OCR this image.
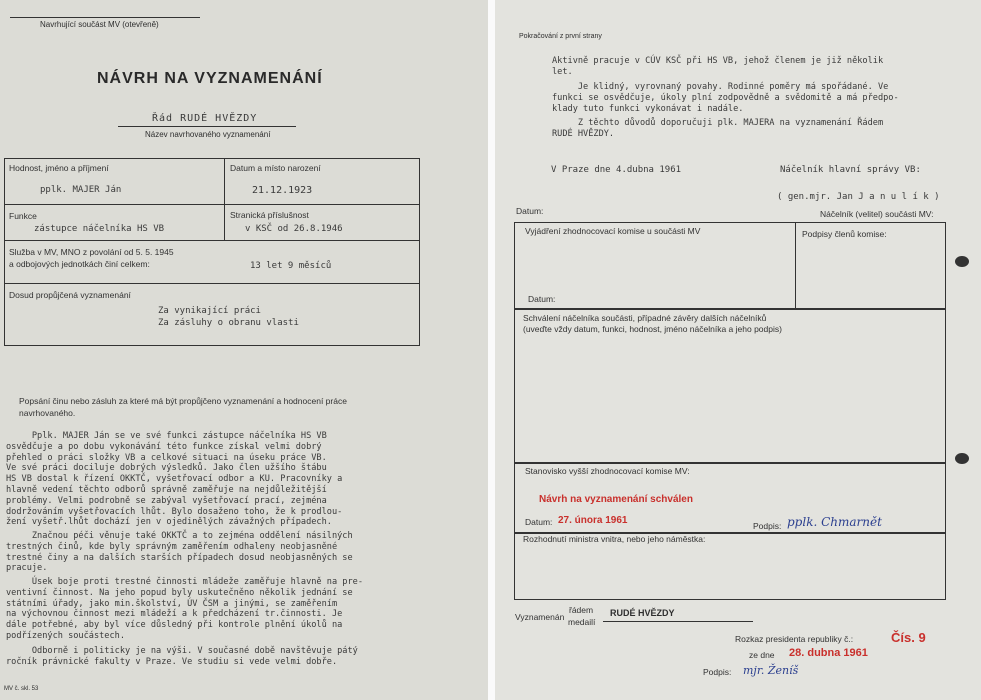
Navrhující součást MV (otevřeně)
NÁVRH NA VYZNAMENÁNÍ
Řád RUDÉ HVĚZDY
Název navrhovaného vyznamenání
Hodnost, jméno a příjmení
pplk. MAJER Ján
Datum a místo narození
21.12.1923
Funkce
zástupce náčelníka HS VB
Stranická příslušnost
v KSČ od 26.8.1946
Služba v MV, MNO z povolání od 5. 5. 1945
a odbojových jednotkách činí celkem:	13 let 9 měsíců
Dosud propůjčená vyznamenání
Za vynikající práci
Za zásluhy o obranu vlasti
Popsání činu nebo zásluh za které má být propůjčeno vyznamenání a hodnocení práce
navrhovaného.
Pplk. MAJER Ján se ve své funkci zástupce náčelníka HS VB
osvědčuje a po dobu vykonávání této funkce získal velmi dobrý
přehled o práci složky VB a celkové situaci na úseku práce VB.
Ve své práci dociluje dobrých výsledků. Jako člen užšího štábu
HS VB dostal k řízení OKKTČ, vyšetřovací odbor a KU. Pracovníky a
hlavně vedení těchto odborů správně zaměřuje na nejdůležitější
problémy. Velmi podrobně se zabýval vyšetřovací prací, zejména
dodržováním vyšetřovacích lhůt. Bylo dosaženo toho, že k prodlou-
žení vyšetř.lhůt dochází jen v ojedinělých závažných případech.
Značnou péči věnuje také OKKTČ a to zejména oddělení násilných
trestných činů, kde byly správným zaměřením odhaleny neobjasněné
trestné činy a na dalších starších případech dosud neobjasněných se
pracuje.
Úsek boje proti trestné činnosti mládeže zaměřuje hlavně na pre-
ventivní činnost. Na jeho popud byly uskutečněno několik jednání se
státními úřady, jako min.školství, ÚV ČSM a jinými, se zaměřením
na výchovnou činnost mezi mládeží a k předcházení tr.činnosti. Je
dále potřebné, aby byl více důsledný při kontrole plnění úkolů na
podřízených součástech.
Odborně i politicky je na výši. V současné době navštěvuje pátý
ročník právnické fakulty v Praze. Ve studiu si vede velmi dobře.
MV č. skl. 53
Pokračování z první strany
Aktivně pracuje v CÚV KSČ při HS VB, jehož členem je již několik
let.
Je klidný, vyrovnaný povahy. Rodinné poměry má spořádané. Ve
funkci se osvědčuje, úkoly plní zodpovědně a svědomitě a má předpo-
klady tuto funkci vykonávat i nadále.
Z těchto důvodů doporučuji plk. MAJERA na vyznamenání Řádem
RUDÉ HVĚZDY.
V Praze dne 4.dubna 1961	Náčelník hlavní správy VB:
( gen.mjr. Jan J a n u l í k )
Datum:	Náčelník (velitel) součásti MV:
Vyjádření zhodnocovací komise u součásti MV	Podpisy členů komise:
Datum:
Schválení náčelníka součásti, případné závěry dalších náčelníků
(uveďte vždy datum, funkci, hodnost, jméno náčelníka a jeho podpis)
Stanovisko vyšší zhodnocovací komise MV:
Návrh na vyznamenání schválen
Datum: 27. února 1961	Podpis: pplk. Chmarnět
Rozhodnutí ministra vnitra, nebo jeho náměstka:
Vyznamenán
řádem
medailí
RUDÉ HVĚZDY
Rozkaz presidenta republiky č.:	Čís. 9
ze dne 28. dubna 1961
Podpis: mjr. Ženíš
